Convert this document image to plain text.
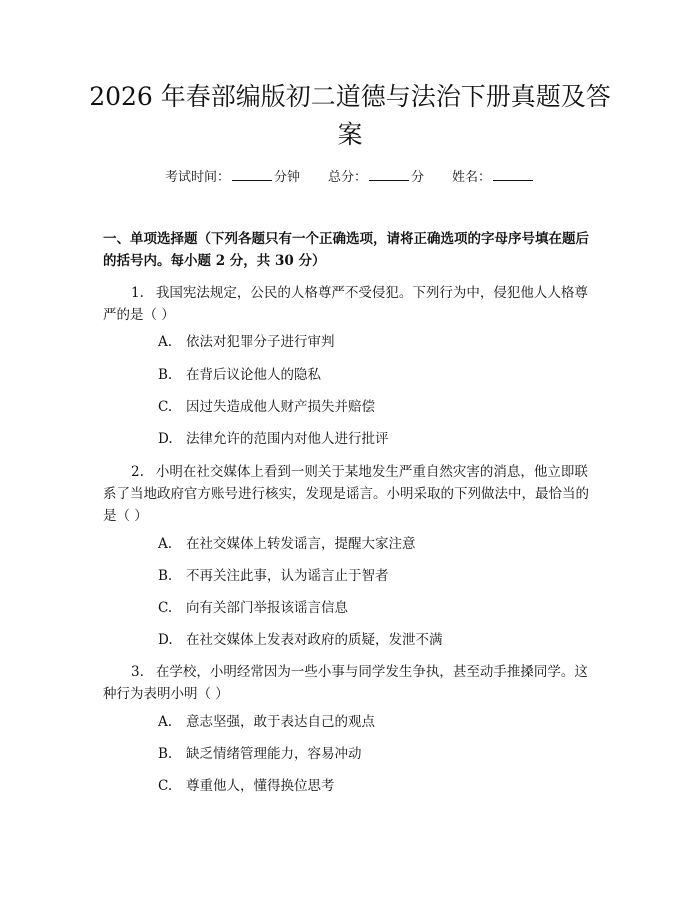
2026 年春部编版初二道德与法治下册真题及答案
考试时间：	分钟 总分：	分 姓名：

一、单项选择题（下列各题只有一个正确选项，请将正确选项的字母序号填在题后的括号内。每小题 2 分，共 30 分）

1. 我国宪法规定，公民的人格尊严不受侵犯。下列行为中，侵犯他人人格尊严的是（ ）

A. 依法对犯罪分子进行审判
B. 在背后议论他人的隐私
C. 因过失造成他人财产损失并赔偿
D. 法律允许的范围内对他人进行批评

2. 小明在社交媒体上看到一则关于某地发生严重自然灾害的消息，他立即联系了当地政府官方账号进行核实，发现是谣言。小明采取的下列做法中，最恰当的是（ ）

A. 在社交媒体上转发谣言，提醒大家注意
B. 不再关注此事，认为谣言止于智者
C. 向有关部门举报该谣言信息
D. 在社交媒体上发表对政府的质疑，发泄不满

3. 在学校，小明经常因为一些小事与同学发生争执，甚至动手推搡同学。这种行为表明小明（ ）

A. 意志坚强，敢于表达自己的观点
B. 缺乏情绪管理能力，容易冲动
C. 尊重他人，懂得换位思考
